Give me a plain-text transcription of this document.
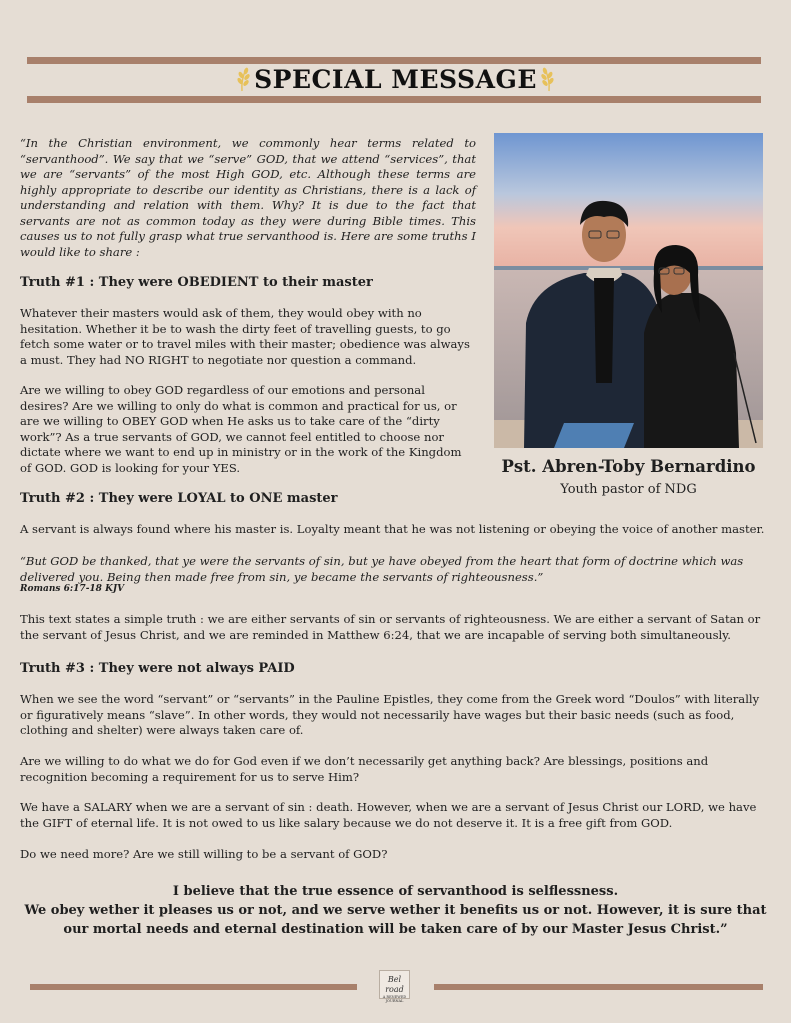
SPECIAL MESSAGE

“In the Christian environment, we commonly hear terms related to “servanthood”. We say that we “serve” GOD, that we attend “services”, that we are “servants” of the most High GOD, etc. Although these terms are highly appropriate to describe our identity as Christians, there is a lack of understanding and relation with them. Why? It is due to the fact that servants are not as common today as they were during Bible times. This causes us to not fully grasp what true servanthood is. Here are some truths I would like to share :

Truth #1 : They were OBEDIENT to their master

Whatever their masters would ask of them, they would obey with no hesitation. Whether it be to wash the dirty feet of travelling guests, to go fetch some water or to travel miles with their master; obedience was always a must. They had NO RIGHT to negotiate nor question a command.

Are we willing to obey GOD regardless of our emotions and personal desires? Are we willing to only do what is common and practical for us, or are we willing to OBEY GOD when He asks us to take care of the “dirty work”? As a true servants of GOD, we cannot feel entitled to choose nor dictate where we want to end up in ministry or in the work of the Kingdom of GOD. GOD is looking for your YES.

Truth #2 : They were LOYAL to ONE master

A servant is always found where his master is. Loyalty meant that he was not listening or obeying the voice of another master.

“But GOD be thanked, that ye were the servants of sin, but ye have obeyed from the heart that form of doctrine which was delivered you. Being then made free from sin, ye became the servants of righteousness.”

Romans 6:17-18 KJV

This text states a simple truth : we are either servants of sin or servants of righteousness. We are either a servant of Satan or the servant of Jesus Christ, and we are reminded in Matthew 6:24, that we are incapable of serving both simultaneously.

Truth #3 : They were not always PAID

When we see the word “servant” or “servants” in the Pauline Epistles, they come from the Greek word “Doulos” with literally or figuratively means “slave”. In other words, they would not necessarily have wages but their basic needs (such as food, clothing and shelter) were always taken care of.

Are we willing to do what we do for God even if we don’t necessarily get anything back? Are blessings, positions and recognition becoming a requirement for us to serve Him?

We have a SALARY when we are a servant of sin : death. However, when we are a servant of Jesus Christ our LORD, we have the GIFT of eternal life. It is not owed to us like salary because we do not deserve it. It is a free gift from GOD.

Do we need more? Are we still willing to be a servant of GOD?

Pst. Abren-Toby Bernardino

Youth pastor of NDG

I believe that the true essence of servanthood is selflessness.
We obey wether it pleases us or not, and we serve wether it benefits us or not. However, it is sure that our mortal needs and eternal destination will be taken care of by our Master Jesus Christ.”
Bel road
A RENEWED JOURNAL
